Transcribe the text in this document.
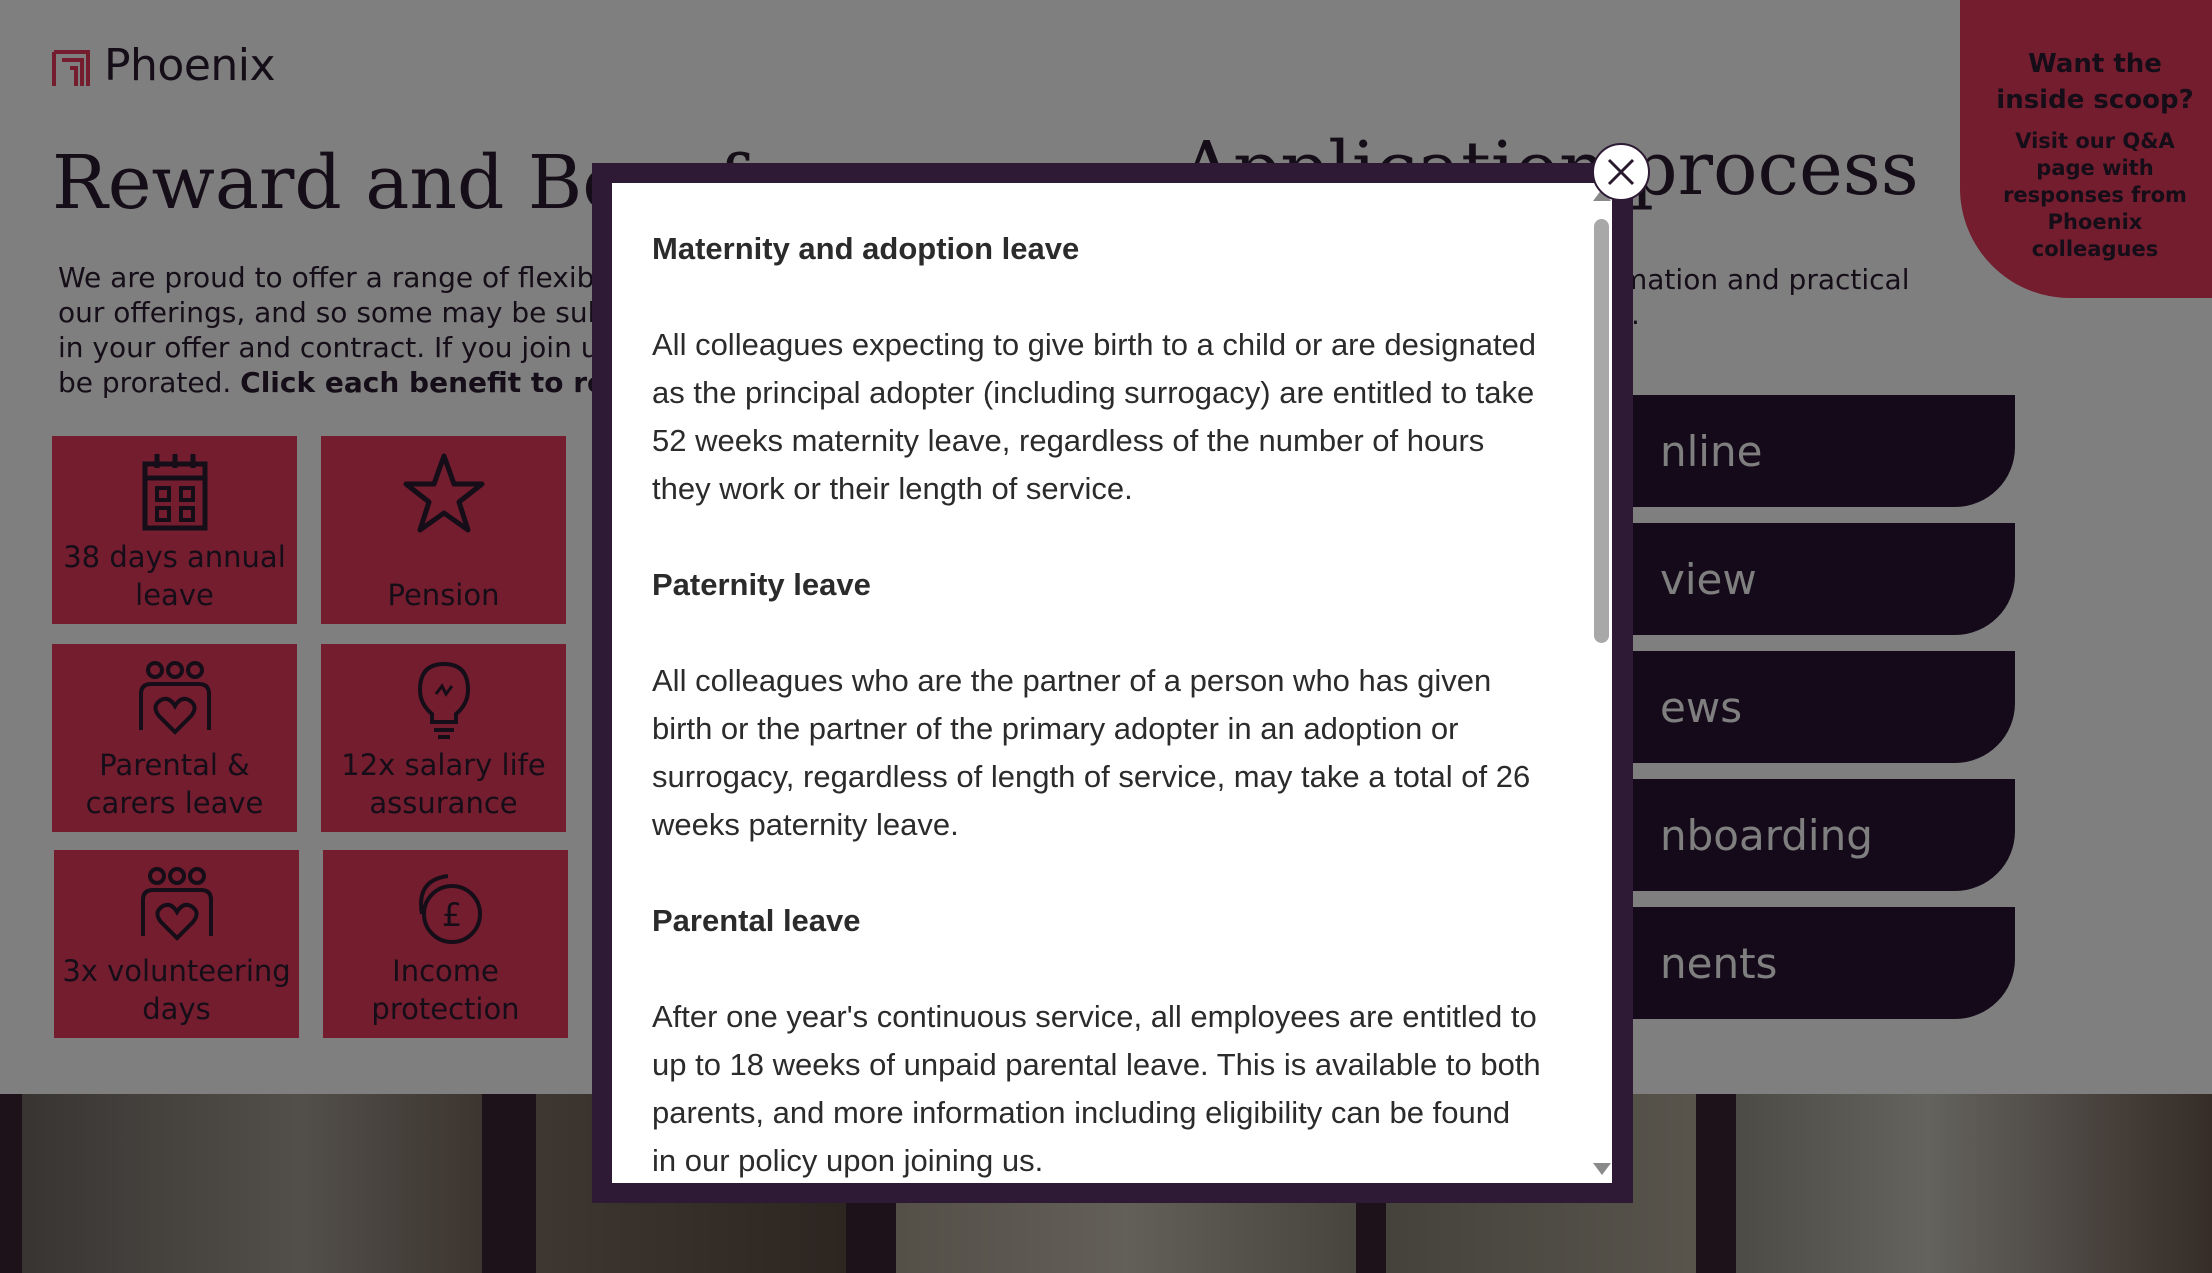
Maternity and adoption leave

All colleagues expecting to give birth to a child or are designated as the principal adopter (including surrogacy) are entitled to take 52 weeks maternity leave, regardless of the number of hours they work or their length of service.

Paternity leave

All colleagues who are the partner of a person who has given birth or the partner of the primary adopter in an adoption or surrogacy, regardless of length of service, may take a total of 26 weeks paternity leave.

Parental leave

After one year's continuous service, all employees are entitled to up to 18 weeks of unpaid parental leave. This is available to both parents, and more information including eligibility can be found in our policy upon joining us.
